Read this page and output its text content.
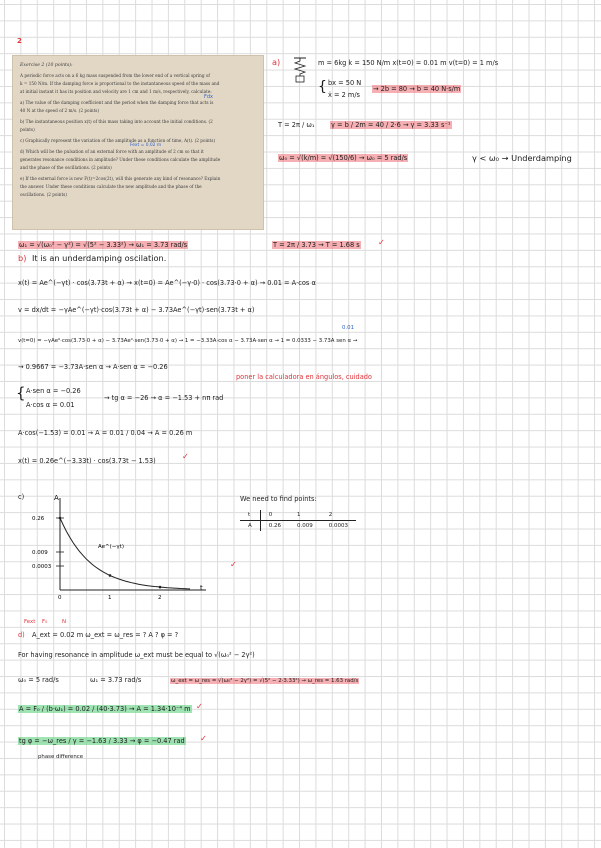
2
Exercise 2 (10 points):
A periodic force acts on a 6 kg mass suspended from the lower end of a vertical spring of
k = 150 N/m. If the damping force is proportional to the instantaneous speed of the mass and
at initial instant it has its position and velocity are 1 cm and 1 m/s, respectively, calculate:
a) The value of the damping coefficient and the period when the damping force that acts is
40 N at the speed of 2 m/s. (2 points)
b) The instantaneous position x(t) of this mass taking into account the initial conditions. (2
points)
c) Graphically represent the variation of the amplitude as a function of time, A(t). (2 points)
d) Which will be the pulsation of an external force with an amplitude of 2 cm so that it
generates resonance conditions in amplitude? Under these conditions calculate the amplitude
and the phase of the oscillations. (2 points)
e) If the external force is now F(t)=2cos(2t), will this generate any kind of resonance? Explain
the answer. Under these conditions calculate the new amplitude and the phase of the
oscillations. (2 points)
Fdx
Fext = 0.02 m
a)	m = 6kg k = 150 N/m x(t=0) = 0.01 m v(t=0) = 1 m/s
{ bx = 50 N
ẋ = 2 m/s
→ 2b = 80 → b = 40 N·s/m
T = 2π / ω₁	γ = b / 2m = 40 / 2·6 → γ = 3.33 s⁻¹
ω₀ = √(k/m) = √(150/6) → ω₀ = 5 rad/s	γ < ω₀ → Underdamping
ω₁ = √(ω₀² − γ²) = √(5² − 3.33²) → ω₁ = 3.73 rad/s	T = 2π / 3.73 → T = 1.68 s ✓
b) It is an underdamping oscilation.
x(t) = Ae^(−γt) · cos(3.73t + α) → x(t=0) = Ae^(−γ·0) · cos(3.73·0 + α) → 0.01 = A·cos α
v = dx/dt = −γAe^(−γt)·cos(3.73t + α) − 3.73Ae^(−γt)·sen(3.73t + α)
0.01
v(t=0) = −γAe⁰·cos(3.73·0 + α) − 3.73Ae⁰·sen(3.73·0 + α) → 1 = −3.33A·cos α − 3.73A·sen α → 1 = 0.0333 − 3.73A sen α →
→ 0.9667 = −3.73A·sen α → A·sen α = −0.26
poner la calculadora en ángulos, cuidado
{ A·sen α = −0.26
A·cos α = 0.01
→ tg α = −26 → α = −1.53 + nπ rad
A·cos(−1.53) = 0.01 → A = 0.01 / 0.04 → A = 0.26 m
x(t) = 0.26e^(−3.33t) · cos(3.73t − 1.53)	✓
c)	A
t
Ae^(−γt)
0.26
0.009
0.0003
0	1	2
✓
We need to find points:
t	0	1	2
A	0.26	0.009	0.0003
Fext F₀	N
d) A_ext = 0.02 m ω_ext = ω_res = ? A ? φ = ?
For having resonance in amplitude ω_ext must be equal to √(ω₀² − 2γ²)
ω₀ = 5 rad/s	ω₁ = 3.73 rad/s	ω_ext = ω_res = √(ω₀² − 2γ²) = √(5² − 2·3.33²) → ω_res = 1.63 rad/s
A = F₀ / (b·ω₁) = 0.02 / (40·3.73) → A = 1.34·10⁻⁴ m ✓
tg φ = −ω_res / γ = −1.63 / 3.33 → φ = −0.47 rad ✓
phase difference
